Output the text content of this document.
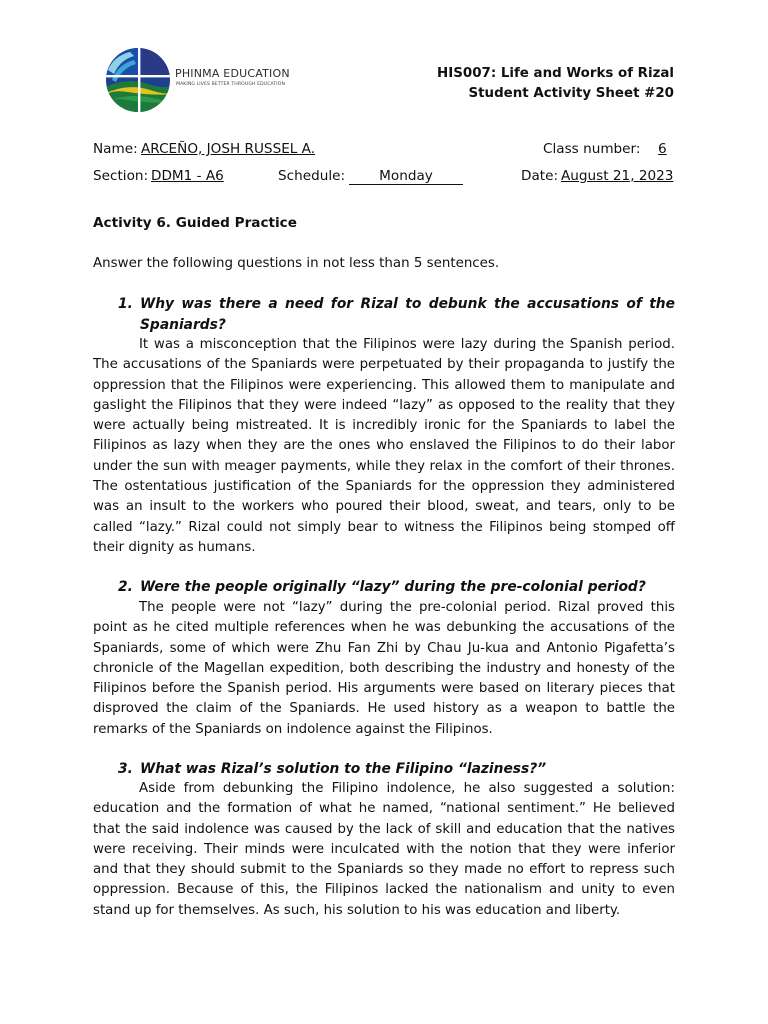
PHINMA EDUCATION
MAKING LIVES BETTER THROUGH EDUCATION
HIS007: Life and Works of Rizal
Student Activity Sheet #20
Name: ARCEÑO, JOSH RUSSEL A.	Class number: 6
Section: DDM1 - A6	Schedule:	Monday	Date: August 21, 2023
Activity 6. Guided Practice
Answer the following questions in not less than 5 sentences.
1. Why was there a need for Rizal to debunk the accusations of the Spaniards?

It was a misconception that the Filipinos were lazy during the Spanish period. The accusations of the Spaniards were perpetuated by their propaganda to justify the oppression that the Filipinos were experiencing. This allowed them to manipulate and gaslight the Filipinos that they were indeed “lazy” as opposed to the reality that they were actually being mistreated. It is incredibly ironic for the Spaniards to label the Filipinos as lazy when they are the ones who enslaved the Filipinos to do their labor under the sun with meager payments, while they relax in the comfort of their thrones. The ostentatious justification of the Spaniards for the oppression they administered was an insult to the workers who poured their blood, sweat, and tears, only to be called “lazy.” Rizal could not simply bear to witness the Filipinos being stomped off their dignity as humans.

2. Were the people originally “lazy” during the pre-colonial period?

The people were not “lazy” during the pre-colonial period. Rizal proved this point as he cited multiple references when he was debunking the accusations of the Spaniards, some of which were Zhu Fan Zhi by Chau Ju-kua and Antonio Pigafetta’s chronicle of the Magellan expedition, both describing the industry and honesty of the Filipinos before the Spanish period. His arguments were based on literary pieces that disproved the claim of the Spaniards. He used history as a weapon to battle the remarks of the Spaniards on indolence against the Filipinos.

3. What was Rizal’s solution to the Filipino “laziness?”

Aside from debunking the Filipino indolence, he also suggested a solution: education and the formation of what he named, “national sentiment.” He believed that the said indolence was caused by the lack of skill and education that the natives were receiving. Their minds were inculcated with the notion that they were inferior and that they should submit to the Spaniards so they made no effort to repress such oppression. Because of this, the Filipinos lacked the nationalism and unity to even stand up for themselves. As such, his solution to his was education and liberty.
